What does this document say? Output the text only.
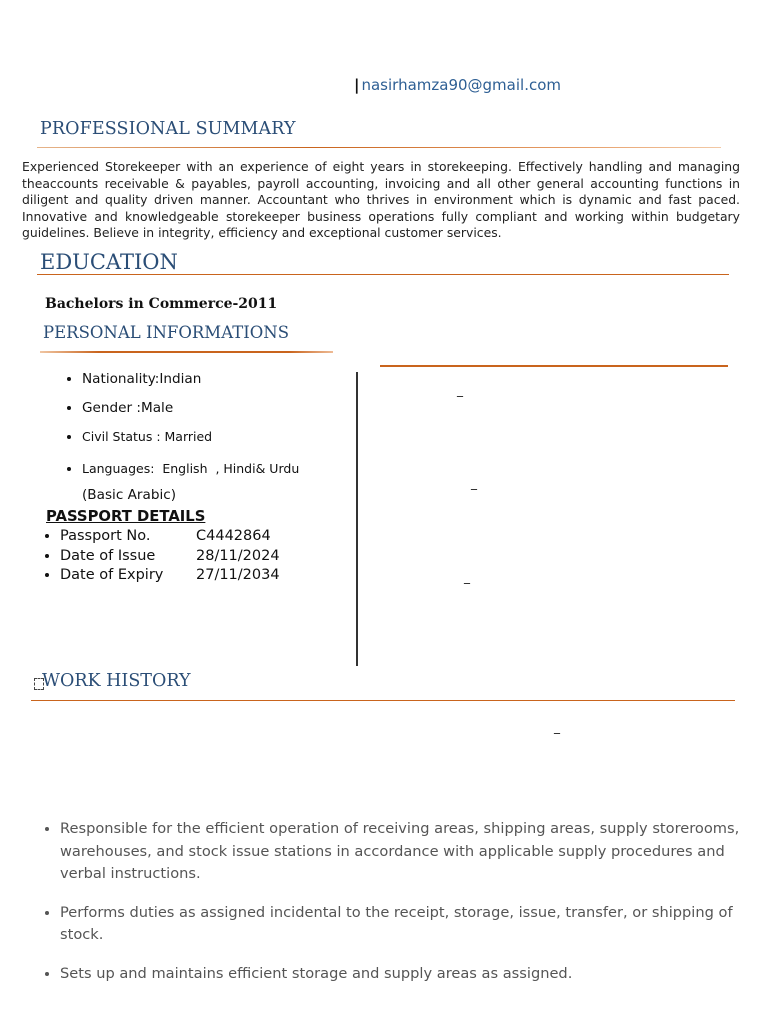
| nasirhamza90@gmail.com
PROFESSIONAL SUMMARY

Experienced Storekeeper with an experience of eight years in storekeeping. Effectively handling and managing theaccounts receivable & payables, payroll accounting, invoicing and all other general accounting functions in diligent and quality driven manner. Accountant who thrives in environment which is dynamic and fast paced. Innovative and knowledgeable storekeeper business operations fully compliant and working within budgetary guidelines. Believe in integrity, efficiency and exceptional customer services.

EDUCATION
Bachelors in Commerce-2011
PERSONAL INFORMATIONS
• Nationality:Indian
• Gender :Male
• Civil Status : Married
• Languages:  English  , Hindi& Urdu
(Basic Arabic)
PASSPORT DETAILS
• Passport No.	C4442864
• Date of Issue	28/11/2024
• Date of Expiry 27/11/2034
_
_
_
_
WORK HISTORY
• Responsible for the efficient operation of receiving areas, shipping areas, supply storerooms, warehouses, and stock issue stations in accordance with applicable supply procedures and verbal instructions.
• Performs duties as assigned incidental to the receipt, storage, issue, transfer, or shipping of stock.
• Sets up and maintains efficient storage and supply areas as assigned.
